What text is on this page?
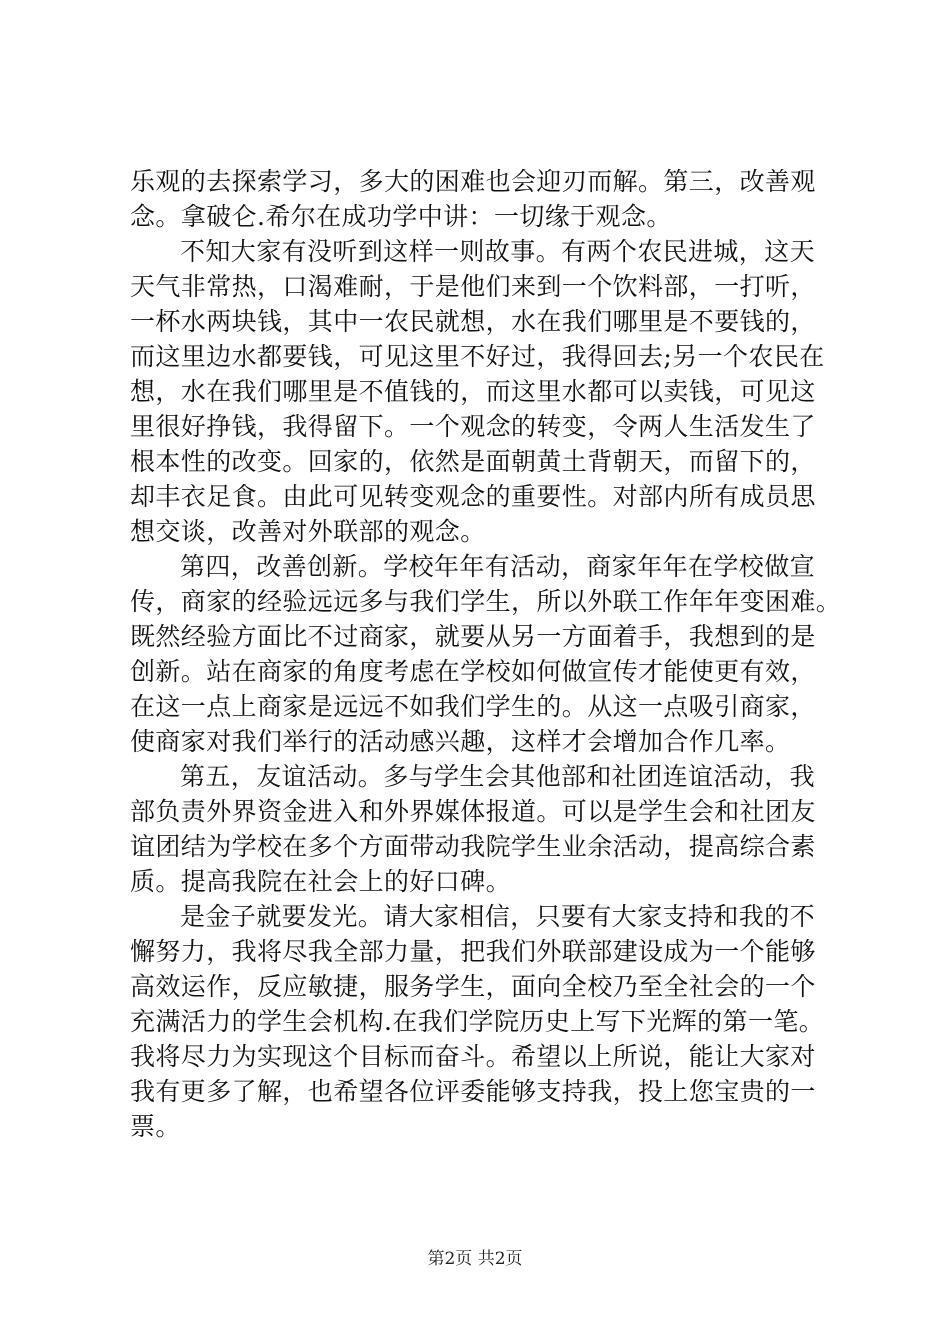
乐观的去探索学习，多大的困难也会迎刃而解。第三，改善观
念。拿破仑.希尔在成功学中讲：一切缘于观念。
不知大家有没听到这样一则故事。有两个农民进城，这天
天气非常热，口渴难耐，于是他们来到一个饮料部，一打听，
一杯水两块钱，其中一农民就想，水在我们哪里是不要钱的，
而这里边水都要钱，可见这里不好过，我得回去;另一个农民在
想，水在我们哪里是不值钱的，而这里水都可以卖钱，可见这
里很好挣钱，我得留下。一个观念的转变，令两人生活发生了
根本性的改变。回家的，依然是面朝黄土背朝天，而留下的，
却丰衣足食。由此可见转变观念的重要性。对部内所有成员思
想交谈，改善对外联部的观念。
第四，改善创新。学校年年有活动，商家年年在学校做宣
传，商家的经验远远多与我们学生，所以外联工作年年变困难。
既然经验方面比不过商家，就要从另一方面着手，我想到的是
创新。站在商家的角度考虑在学校如何做宣传才能使更有效，
在这一点上商家是远远不如我们学生的。从这一点吸引商家，
使商家对我们举行的活动感兴趣，这样才会增加合作几率。
第五，友谊活动。多与学生会其他部和社团连谊活动，我
部负责外界资金进入和外界媒体报道。可以是学生会和社团友
谊团结为学校在多个方面带动我院学生业余活动，提高综合素
质。提高我院在社会上的好口碑。
是金子就要发光。请大家相信，只要有大家支持和我的不
懈努力，我将尽我全部力量，把我们外联部建设成为一个能够
高效运作，反应敏捷，服务学生，面向全校乃至全社会的一个
充满活力的学生会机构.在我们学院历史上写下光辉的第一笔。
我将尽力为实现这个目标而奋斗。希望以上所说，能让大家对
我有更多了解，也希望各位评委能够支持我，投上您宝贵的一
票。
第2页 共2页
